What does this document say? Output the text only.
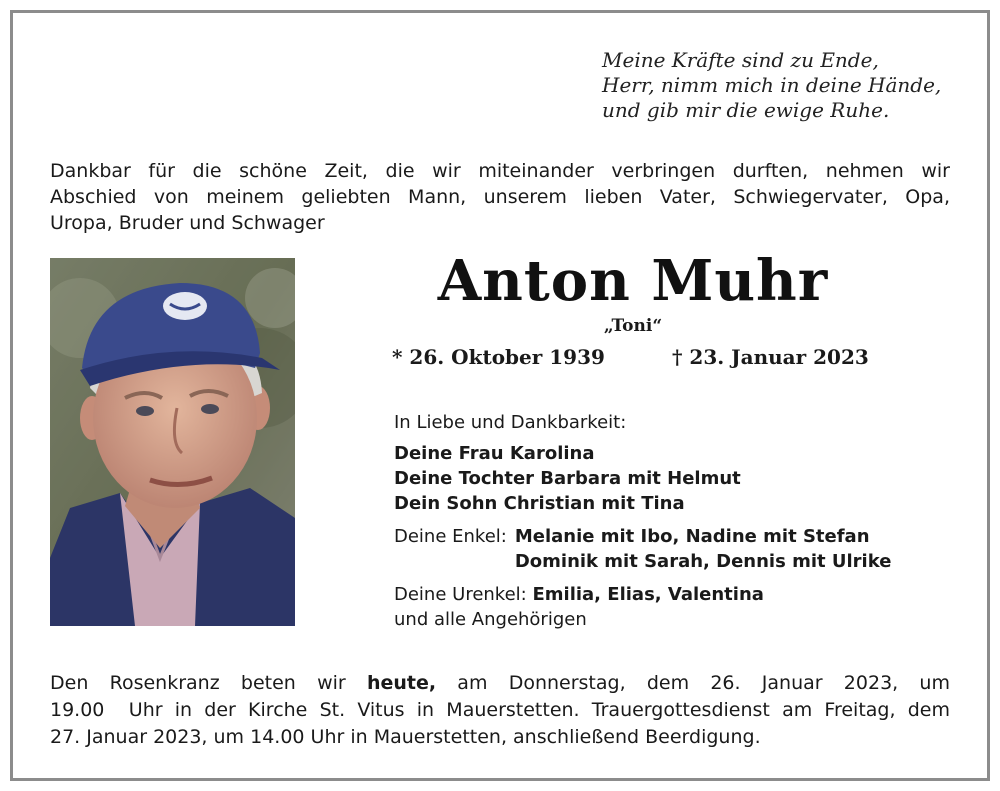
Meine Kräfte sind zu Ende,
Herr, nimm mich in deine Hände,
und gib mir die ewige Ruhe.
Dankbar für die schöne Zeit, die wir miteinander verbringen durften, nehmen wir
Abschied von meinem geliebten Mann, unserem lieben Vater, Schwiegervater, Opa,
Uropa, Bruder und Schwager
Anton Muhr
„Toni“
* 26. Oktober 1939	† 23. Januar 2023
In Liebe und Dankbarkeit:
Deine Frau Karolina
Deine Tochter Barbara mit Helmut
Dein Sohn Christian mit Tina
Deine Enkel: Melanie mit Ibo, Nadine mit Stefan
Dominik mit Sarah, Dennis mit Ulrike
Deine Urenkel: Emilia, Elias, Valentina
und alle Angehörigen
Den Rosenkranz beten wir heute, am Donnerstag, dem 26. Januar 2023, um
19.00  Uhr in der Kirche St. Vitus in Mauerstetten. Trauergottesdienst am Freitag, dem
27. Januar 2023, um 14.00 Uhr in Mauerstetten, anschließend Beerdigung.
